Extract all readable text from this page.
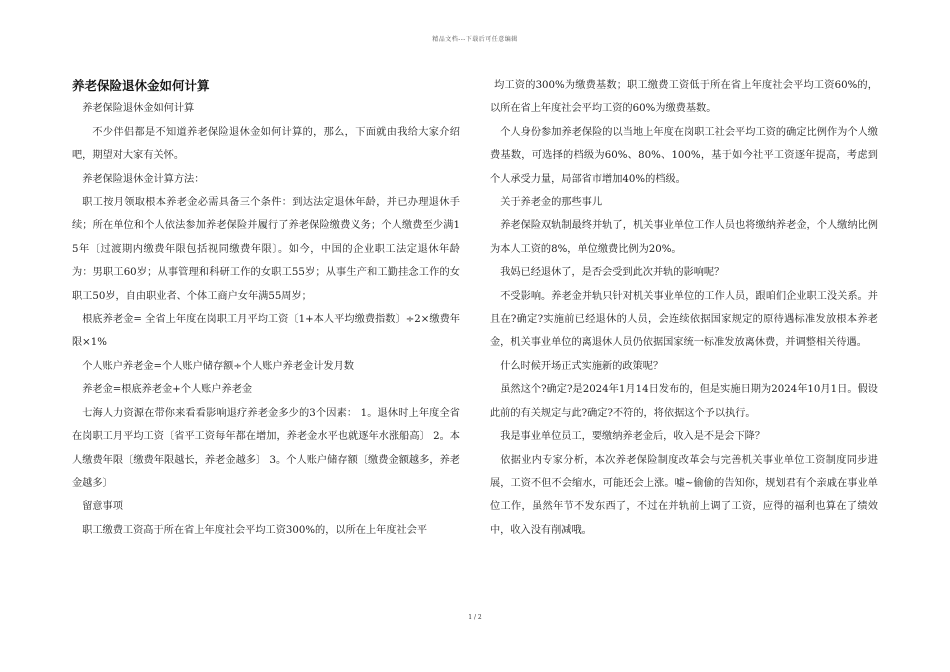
精品文档---下载后可任意编辑
养老保险退休金如何计算

养老保险退休金如何计算

不少伴侣都是不知道养老保险退休金如何计算的，那么，下面就由我给大家介绍吧，期望对大家有关怀。

养老保险退休金计算方法：

职工按月领取根本养老金必需具备三个条件：到达法定退休年龄，并已办理退休手续；所在单位和个人依法参加养老保险并履行了养老保险缴费义务；个人缴费至少满15年〔过渡期内缴费年限包括视同缴费年限〕。如今，中国的企业职工法定退休年龄为：男职工60岁；从事管理和科研工作的女职工55岁；从事生产和工勤挂念工作的女职工50岁，自由职业者、个体工商户女年满55周岁；

根底养老金= 全省上年度在岗职工月平均工资〔1+本人平均缴费指数〕÷2×缴费年限×1%

个人账户养老金=个人账户储存额÷个人账户养老金计发月数

养老金=根底养老金+个人账户养老金

七海人力资源在带你来看看影响退疗养老金多少的3个因素： 1。退休时上年度全省在岗职工月平均工资〔省平工资每年都在增加，养老金水平也就逐年水涨船高〕 2。本人缴费年限〔缴费年限越长，养老金越多〕 3。个人账户储存额〔缴费金额越多，养老金越多〕

留意事项

职工缴费工资高于所在省上年度社会平均工资300%的，以所在上年度社会平

均工资的300%为缴费基数；职工缴费工资低于所在省上年度社会平均工资60%的，以所在省上年度社会平均工资的60%为缴费基数。

个人身份参加养老保险的以当地上年度在岗职工社会平均工资的确定比例作为个人缴费基数，可选择的档级为60%、80%、100%，基于如今社平工资逐年提高，考虑到个人承受力量，局部省市增加40%的档级。

关于养老金的那些事儿

养老保险双轨制最终并轨了，机关事业单位工作人员也将缴纳养老金，个人缴纳比例为本人工资的8%，单位缴费比例为20%。

我妈已经退休了，是否会受到此次并轨的影响呢？

不受影响。养老金并轨只针对机关事业单位的工作人员，跟咱们企业职工没关系。并且在?确定?实施前已经退休的人员，会连续依据国家规定的原待遇标准发放根本养老金，机关事业单位的离退休人员仍依据国家统一标准发放离休费，并调整相关待遇。

什么时候开场正式实施新的政策呢？

虽然这个?确定?是2024年1月14日发布的，但是实施日期为2024年10月1日。假设此前的有关规定与此?确定?不符的，将依据这个予以执行。

我是事业单位员工，要缴纳养老金后，收入是不是会下降？

依据业内专家分析，本次养老保险制度改革会与完善机关事业单位工资制度同步进展，工资不但不会缩水，可能还会上涨。嘘~偷偷的告知你，规划君有个亲戚在事业单位工作，虽然年节不发东西了，不过在并轨前上调了工资，应得的福利也算在了绩效中，收入没有削减哦。

1 / 2
